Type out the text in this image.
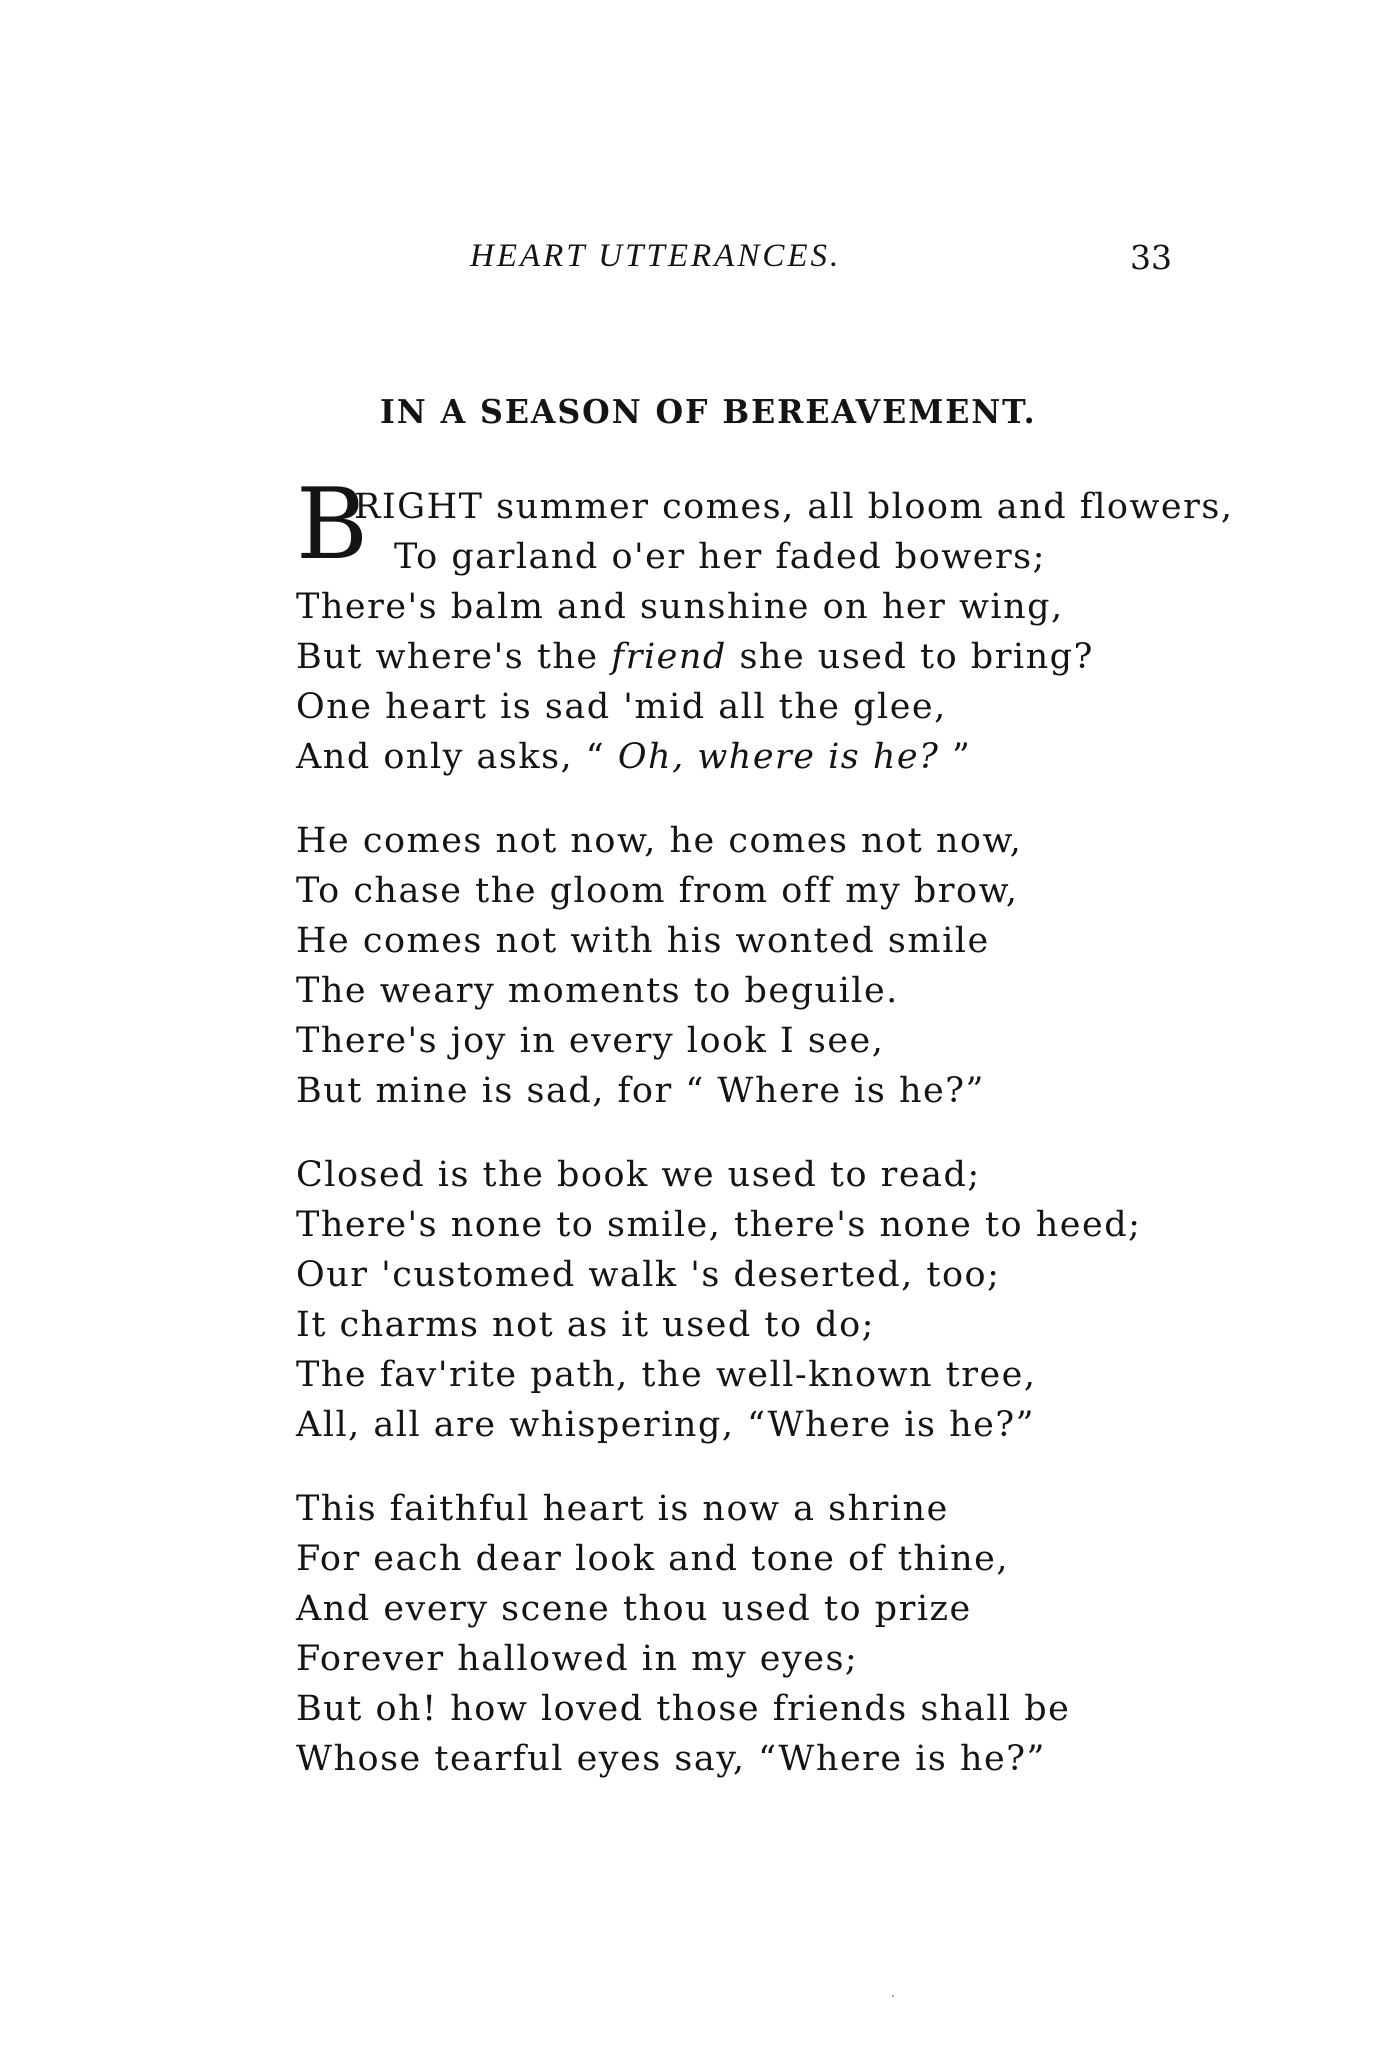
HEART UTTERANCES.	33
IN A SEASON OF BEREAVEMENT.
B
RIGHT summer comes, all bloom and flowers,
To garland o'er her faded bowers;
There's balm and sunshine on her wing,
But where's the friend she used to bring?
One heart is sad 'mid all the glee,
And only asks, “ Oh, where is he? ”
He comes not now, he comes not now,
To chase the gloom from off my brow,
He comes not with his wonted smile
The weary moments to beguile.
There's joy in every look I see,
But mine is sad, for “ Where is he?”
Closed is the book we used to read;
There's none to smile, there's none to heed;
Our 'customed walk 's deserted, too;
It charms not as it used to do;
The fav'rite path, the well-known tree,
All, all are whispering, “Where is he?”
This faithful heart is now a shrine
For each dear look and tone of thine,
And every scene thou used to prize
Forever hallowed in my eyes;
But oh! how loved those friends shall be
Whose tearful eyes say, “Where is he?”
